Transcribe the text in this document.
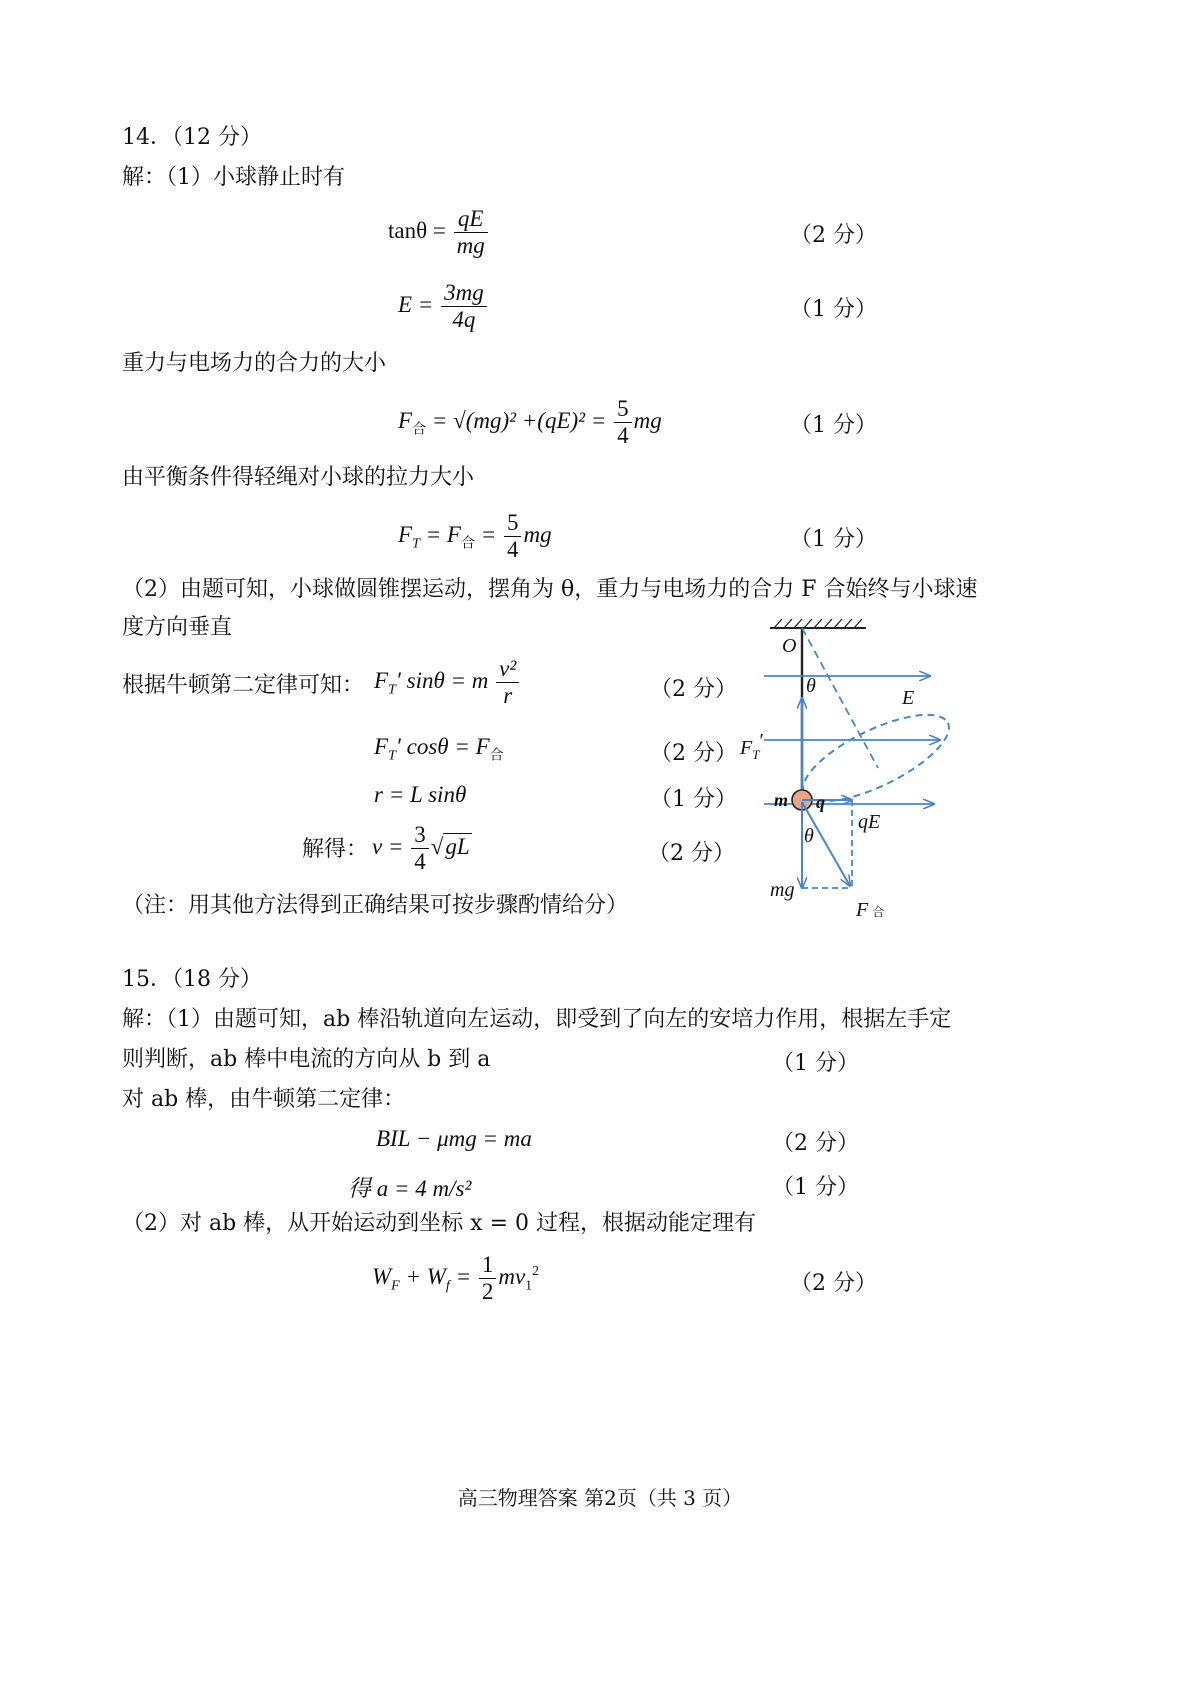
14．（12 分）
解：（1）小球静止时有
$\tan\theta = \frac{qE}{mg}$	（2 分）
$E = \frac{3mg}{4q}$	（1 分）
重力与电场力的合力的大小
$F_合 = √(mg)^2 +(qE)^2 = \frac{5}{4}$ mg	（1 分）
由平衡条件得轻绳对小球的拉力大小
$F_T = F_合 = \frac{5}{4}$ mg	（1 分）
（2）由题可知，小球做圆锥摆运动，摆角为 θ，重力与电场力的合力 F 合始终与小球速
度方向垂直
根据牛顿第二定律可知： $F_T'$ sinθ = m $\frac{\text{v²}}{r}$	（2 分）
$F_T'$ $\cos\theta = F_合$	（2 分）
r = L sinθ	（1 分）
解得： $v = \frac{3}{4} √gL$	（2 分）
（注：用其他方法得到正确结果可按步骤酌情给分）
O
θ
E
$F_T'$
m q
qE
θ
mg
F合
15．（18 分）
解：（1）由题可知，ab 棒沿轨道向左运动，即受到了向左的安培力作用，根据左手定
则判断，ab 棒中电流的方向从 b 到 a	（1 分）
对 ab 棒，由牛顿第二定律：
BIL − μmg = ma	（2 分）
得 a = 4 m/s²	（1 分）
（2）对 ab 棒，从开始运动到坐标 x = 0 过程，根据动能定理有
$W_F + W_f = \frac{1}{2} mv_1^2$	（2 分）
高三物理答案 第2页（共 3 页）
